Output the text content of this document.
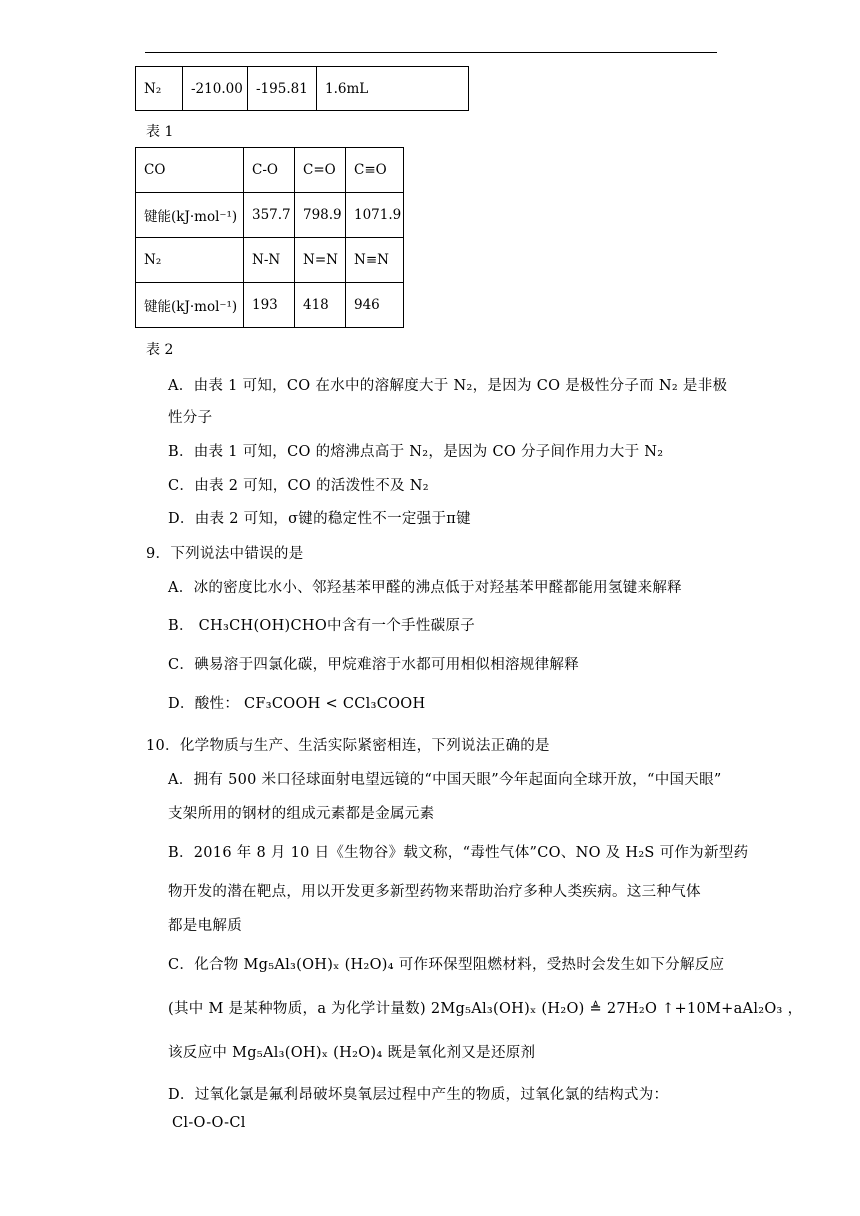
N₂	-210.00	-195.81	1.6mL
表 1
CO	C-O	C=O	C≡O
键能(kJ·mol⁻¹)	357.7	798.9	1071.9
N₂	N-N	N=N	N≡N
键能(kJ·mol⁻¹)	193	418	946
表 2
A．由表 1 可知，CO 在水中的溶解度大于 N₂，是因为 CO 是极性分子而 N₂ 是非极
性分子
B．由表 1 可知，CO 的熔沸点高于 N₂，是因为 CO 分子间作用力大于 N₂
C．由表 2 可知，CO 的活泼性不及 N₂
D．由表 2 可知，σ键的稳定性不一定强于π键
9．下列说法中错误的是
A．冰的密度比水小、邻羟基苯甲醛的沸点低于对羟基苯甲醛都能用氢键来解释
B． CH₃CH(OH)CHO中含有一个手性碳原子
C．碘易溶于四氯化碳，甲烷难溶于水都可用相似相溶规律解释
D．酸性： CF₃COOH < CCl₃COOH
10．化学物质与生产、生活实际紧密相连，下列说法正确的是
A．拥有 500 米口径球面射电望远镜的“中国天眼”今年起面向全球开放，“中国天眼”
支架所用的钢材的组成元素都是金属元素
B．2016 年 8 月 10 日《生物谷》载文称，“毒性气体”CO、NO 及 H₂S 可作为新型药
物开发的潜在靶点，用以开发更多新型药物来帮助治疗多种人类疾病。这三种气体
都是电解质
C．化合物 Mg₅Al₃(OH)ₓ (H₂O)₄ 可作环保型阻燃材料，受热时会发生如下分解反应
(其中 M 是某种物质，a 为化学计量数) 2Mg₅Al₃(OH)ₓ (H₂O) ≜ 27H₂O ↑+10M+aAl₂O₃ ，
该反应中 Mg₅Al₃(OH)ₓ (H₂O)₄ 既是氧化剂又是还原剂
D．过氧化氯是氟利昂破坏臭氧层过程中产生的物质，过氧化氯的结构式为：
Cl-O-O-Cl
